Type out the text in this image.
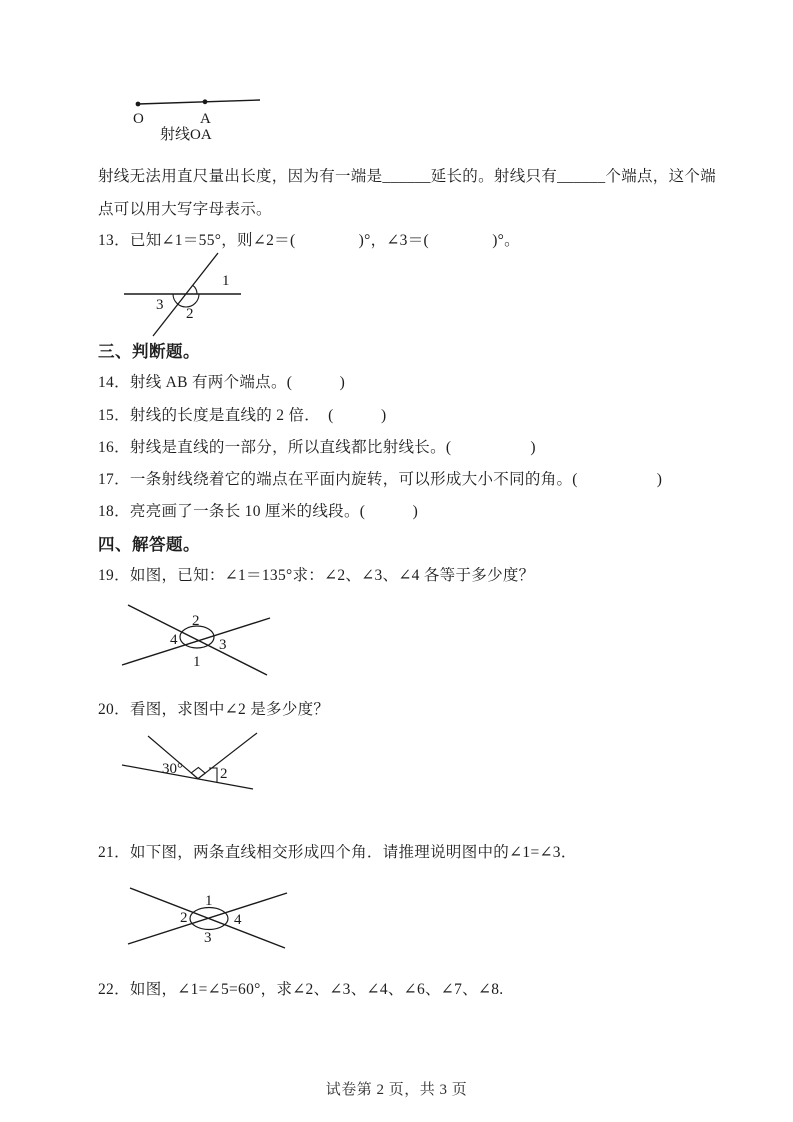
O	A
射线OA
射线无法用直尺量出长度，因为有一端是______延长的。射线只有______个端点，这个端
点可以用大写字母表示。
13．已知∠1＝55°，则∠2＝(　　　　)°，∠3＝(　　　　)°。
1
3
2
三、判断题。
14．射线 AB 有两个端点。(　　　)
15．射线的长度是直线的 2 倍．　(　　　)
16．射线是直线的一部分，所以直线都比射线长。(　　　　　)
17．一条射线绕着它的端点在平面内旋转，可以形成大小不同的角。(　　　　　)
18．亮亮画了一条长 10 厘米的线段。(　　　)
四、解答题。
19．如图，已知：∠1＝135°求：∠2、∠3、∠4 各等于多少度？
2
4	3
1
20．看图，求图中∠2 是多少度？
30° 2
21．如下图，两条直线相交形成四个角．请推理说明图中的∠1=∠3．
1
2	4
3
22．如图，∠1=∠5=60°，求∠2、∠3、∠4、∠6、∠7、∠8.
试卷第 2 页，共 3 页
